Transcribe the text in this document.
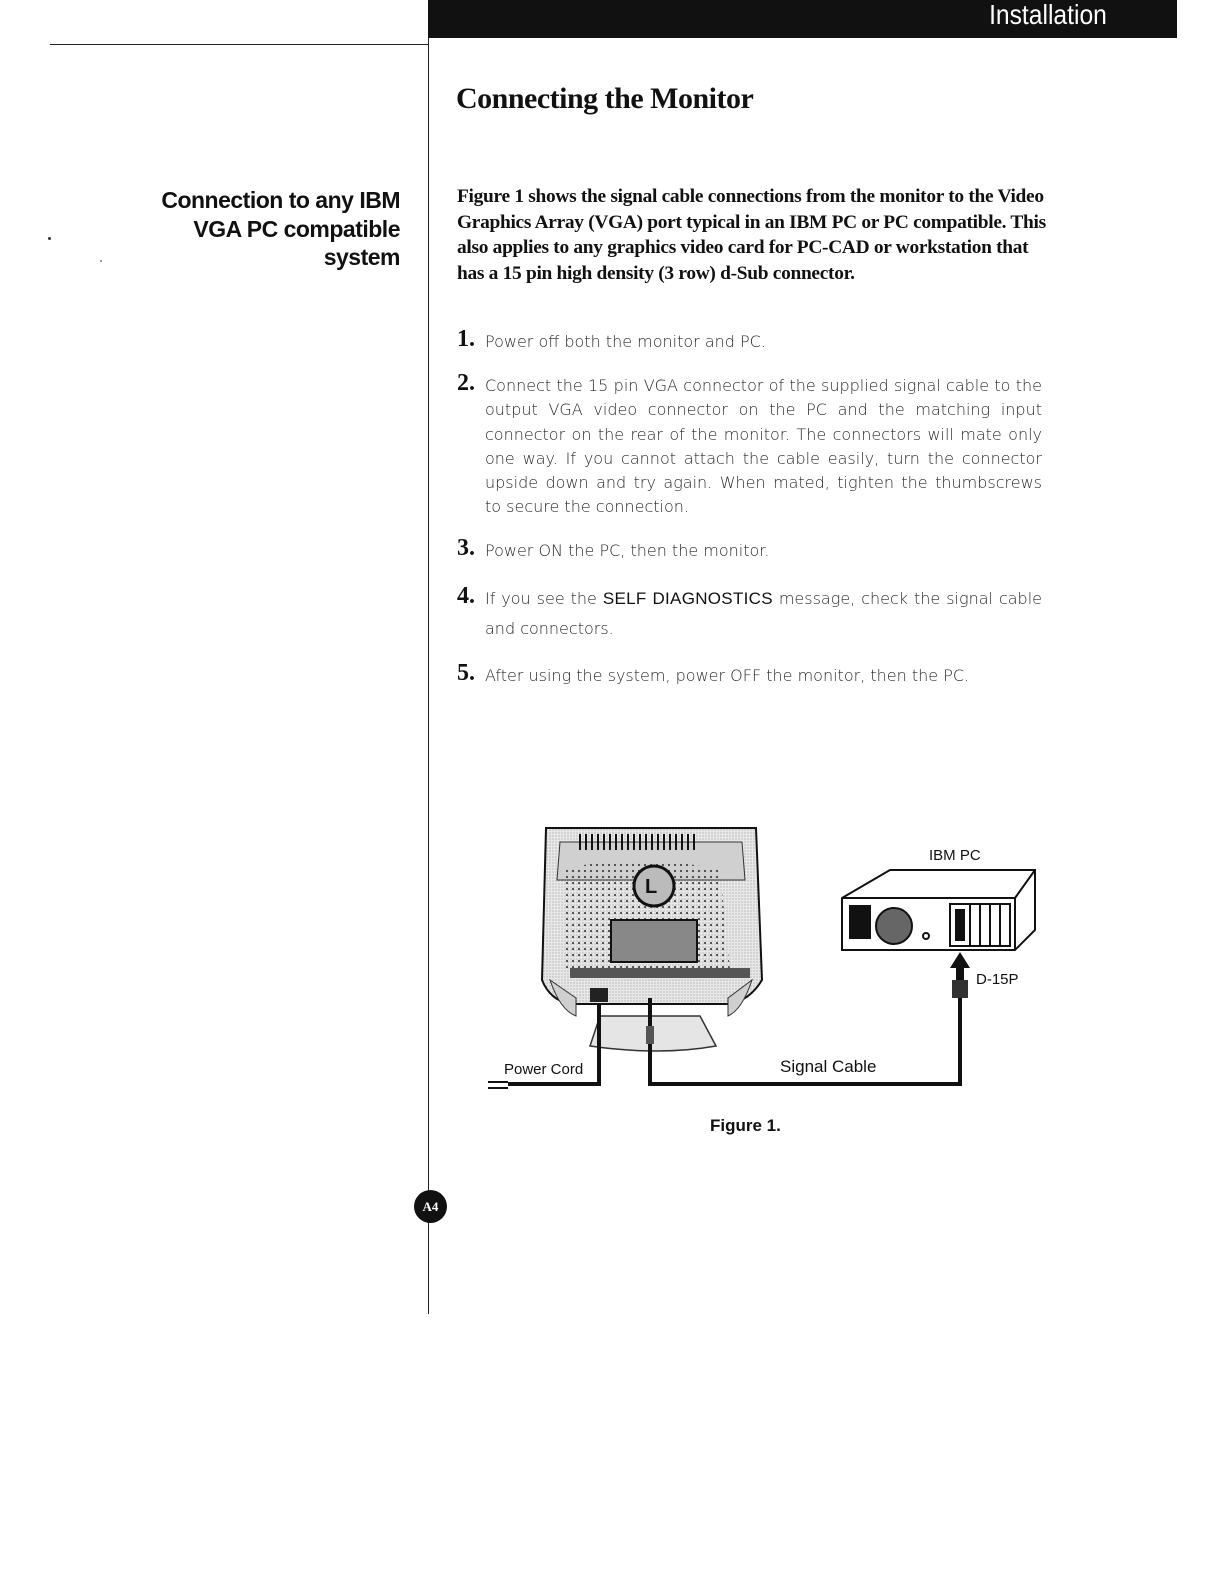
Installation
Connecting the Monitor
Connection to any IBM
VGA PC compatible
system

Figure 1 shows the signal cable connections from the monitor to the Video Graphics Array (VGA) port typical in an IBM PC or PC compatible. This also applies to any graphics video card for PC-CAD or workstation that has a 15 pin high density (3 row) d-Sub connector.

1. Power off both the monitor and PC.
2. Connect the 15 pin VGA connector of the supplied signal cable to the output VGA video connector on the PC and the matching input connector on the rear of the monitor. The connectors will mate only one way. If you cannot attach the cable easily, turn the connector upside down and try again. When mated, tighten the thumbscrews to secure the connection.
3. Power ON the PC, then the monitor.
4. If you see the SELF DIAGNOSTICS message, check the signal cable and connectors.
5. After using the system, power OFF the monitor, then the PC.
L
IBM PC
D-15P
Power Cord	Signal Cable

Figure 1.

A4
